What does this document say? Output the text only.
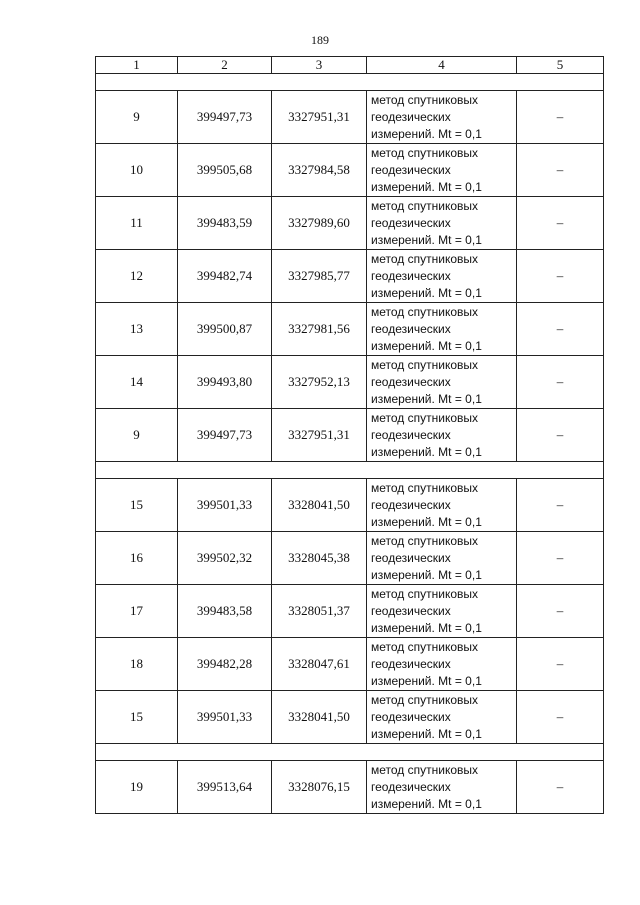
189
1	2	3	4	5

9	399497,73	3327951,31	метод спутниковых
геодезических
измерений. Mt = 0,1	–
10	399505,68	3327984,58	метод спутниковых
геодезических
измерений. Mt = 0,1	–
11	399483,59	3327989,60	метод спутниковых
геодезических
измерений. Mt = 0,1	–
12	399482,74	3327985,77	метод спутниковых
геодезических
измерений. Mt = 0,1	–
13	399500,87	3327981,56	метод спутниковых
геодезических
измерений. Mt = 0,1	–
14	399493,80	3327952,13	метод спутниковых
геодезических
измерений. Mt = 0,1	–
9	399497,73	3327951,31	метод спутниковых
геодезических
измерений. Mt = 0,1	–

15	399501,33	3328041,50	метод спутниковых
геодезических
измерений. Mt = 0,1	–
16	399502,32	3328045,38	метод спутниковых
геодезических
измерений. Mt = 0,1	–
17	399483,58	3328051,37	метод спутниковых
геодезических
измерений. Mt = 0,1	–
18	399482,28	3328047,61	метод спутниковых
геодезических
измерений. Mt = 0,1	–
15	399501,33	3328041,50	метод спутниковых
геодезических
измерений. Mt = 0,1	–

19	399513,64	3328076,15	метод спутниковых
геодезических
измерений. Mt = 0,1	–
